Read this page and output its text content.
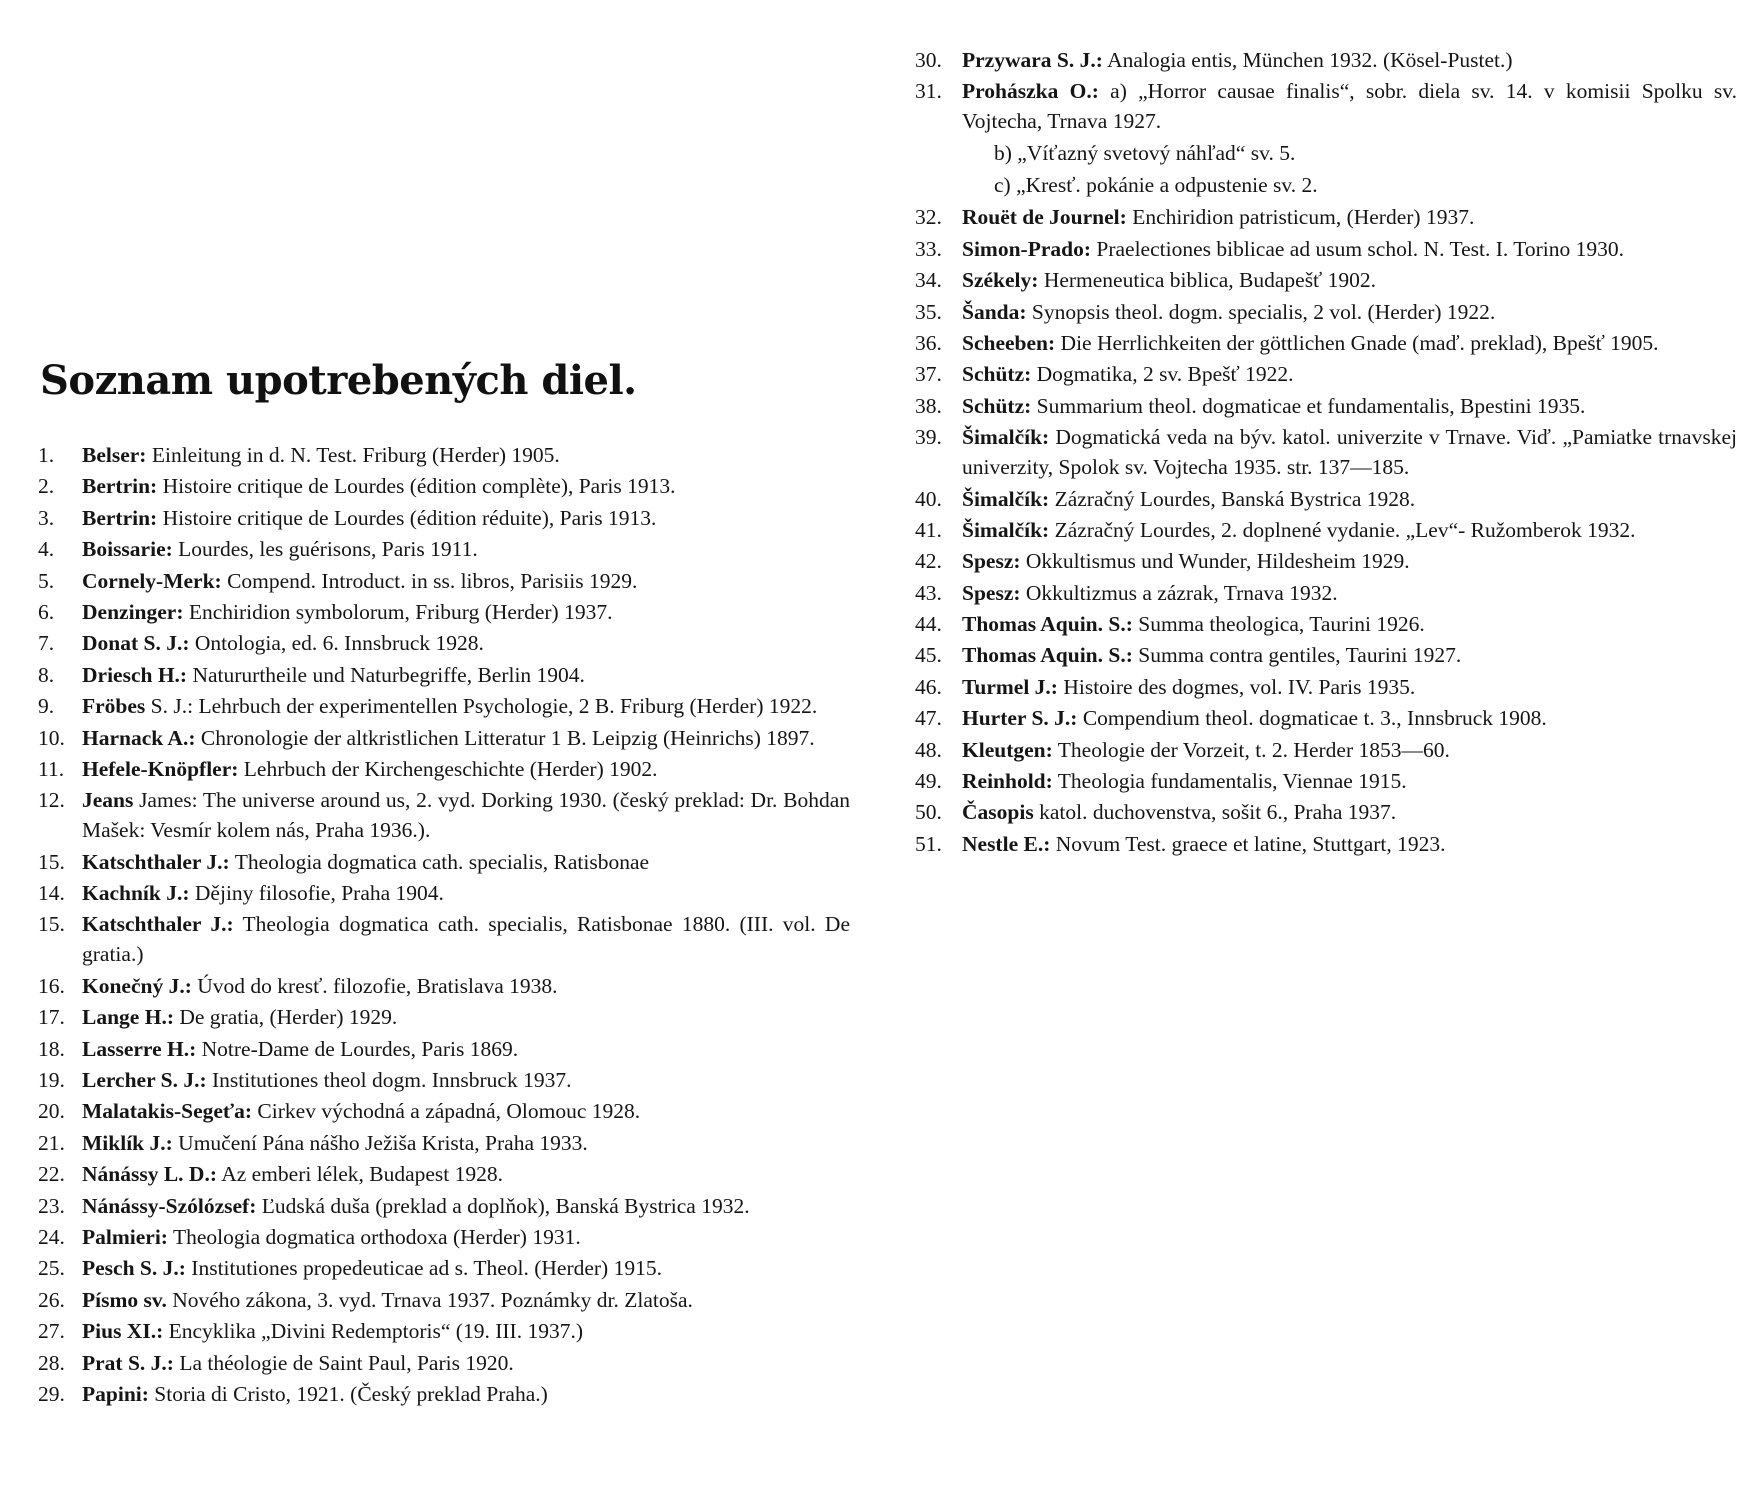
Soznam upotrebených diel.
1.	Belser: Einleitung in d. N. Test. Friburg (Herder) 1905.
2.	Bertrin: Histoire critique de Lourdes (édition complète), Paris 1913.
3.	Bertrin: Histoire critique de Lourdes (édition réduite), Paris 1913.
4.	Boissarie: Lourdes, les guérisons, Paris 1911.
5.	Cornely-Merk: Compend. Introduct. in ss. libros, Parisiis 1929.
6.	Denzinger: Enchiridion symbolorum, Friburg (Herder) 1937.
7.	Donat S. J.: Ontologia, ed. 6. Innsbruck 1928.
8.	Driesch H.: Natururtheile und Naturbegriffe, Berlin 1904.
9.	Fröbes S. J.: Lehrbuch der experimentellen Psychologie, 2 B. Friburg (Herder) 1922.
10. Harnack A.: Chronologie der altkristlichen Litteratur 1 B. Leipzig (Heinrichs) 1897.
11. Hefele-Knöpfler: Lehrbuch der Kirchengeschichte (Herder) 1902.
12. Jeans James: The universe around us, 2. vyd. Dorking 1930. (český preklad: Dr. Bohdan Mašek: Vesmír kolem nás, Praha 1936.).
15. Katschthaler J.: Theologia dogmatica cath. specialis, Ratisbonae
14. Kachník J.: Dějiny filosofie, Praha 1904.
15. Katschthaler J.: Theologia dogmatica cath. specialis, Ratisbonae 1880. (III. vol. De gratia.)
16. Konečný J.: Úvod do kresť. filozofie, Bratislava 1938.
17. Lange H.: De gratia, (Herder) 1929.
18. Lasserre H.: Notre-Dame de Lourdes, Paris 1869.
19. Lercher S. J.: Institutiones theol dogm. Innsbruck 1937.
20. Malatakis-Segeťa: Cirkev východná a západná, Olomouc 1928.
21. Miklík J.: Umučení Pána nášho Ježiša Krista, Praha 1933.
22. Nánássy L. D.: Az emberi lélek, Budapest 1928.
23. Nánássy-Szólózsef: Ľudská duša (preklad a doplňok), Banská Bystrica 1932.
24. Palmieri: Theologia dogmatica orthodoxa (Herder) 1931.
25. Pesch S. J.: Institutiones propedeuticae ad s. Theol. (Herder) 1915.
26. Písmo sv. Nového zákona, 3. vyd. Trnava 1937. Poznámky dr. Zlatoša.
27. Pius XI.: Encyklika „Divini Redemptoris“ (19. III. 1937.)
28. Prat S. J.: La théologie de Saint Paul, Paris 1920.
29. Papini: Storia di Cristo, 1921. (Český preklad Praha.)
30. Przywara S. J.: Analogia entis, München 1932. (Kösel-Pustet.)
31. Prohászka O.: a) „Horror causae finalis“, sobr. diela sv. 14. v komisii Spolku sv. Vojtecha, Trnava 1927.
b) „Víťazný svetový náhľad“ sv. 5.
c) „Kresť. pokánie a odpustenie sv. 2.
32. Rouët de Journel: Enchiridion patristicum, (Herder) 1937.
33. Simon-Prado: Praelectiones biblicae ad usum schol. N. Test. I. Torino 1930.
34. Székely: Hermeneutica biblica, Budapešť 1902.
35. Šanda: Synopsis theol. dogm. specialis, 2 vol. (Herder) 1922.
36. Scheeben: Die Herrlichkeiten der göttlichen Gnade (maď. preklad), Bpešť 1905.
37. Schütz: Dogmatika, 2 sv. Bpešť 1922.
38. Schütz: Summarium theol. dogmaticae et fundamentalis, Bpestini 1935.
39. Šimalčík: Dogmatická veda na býv. katol. univerzite v Trnave. Viď. „Pamiatke trnavskej univerzity, Spolok sv. Vojtecha 1935. str. 137—185.
40. Šimalčík: Zázračný Lourdes, Banská Bystrica 1928.
41. Šimalčík: Zázračný Lourdes, 2. doplnené vydanie. „Lev“- Ružomberok 1932.
42. Spesz: Okkultismus und Wunder, Hildesheim 1929.
43. Spesz: Okkultizmus a zázrak, Trnava 1932.
44. Thomas Aquin. S.: Summa theologica, Taurini 1926.
45. Thomas Aquin. S.: Summa contra gentiles, Taurini 1927.
46. Turmel J.: Histoire des dogmes, vol. IV. Paris 1935.
47. Hurter S. J.: Compendium theol. dogmaticae t. 3., Innsbruck 1908.
48. Kleutgen: Theologie der Vorzeit, t. 2. Herder 1853—60.
49. Reinhold: Theologia fundamentalis, Viennae 1915.
50. Časopis katol. duchovenstva, sošit 6., Praha 1937.
51. Nestle E.: Novum Test. graece et latine, Stuttgart, 1923.
